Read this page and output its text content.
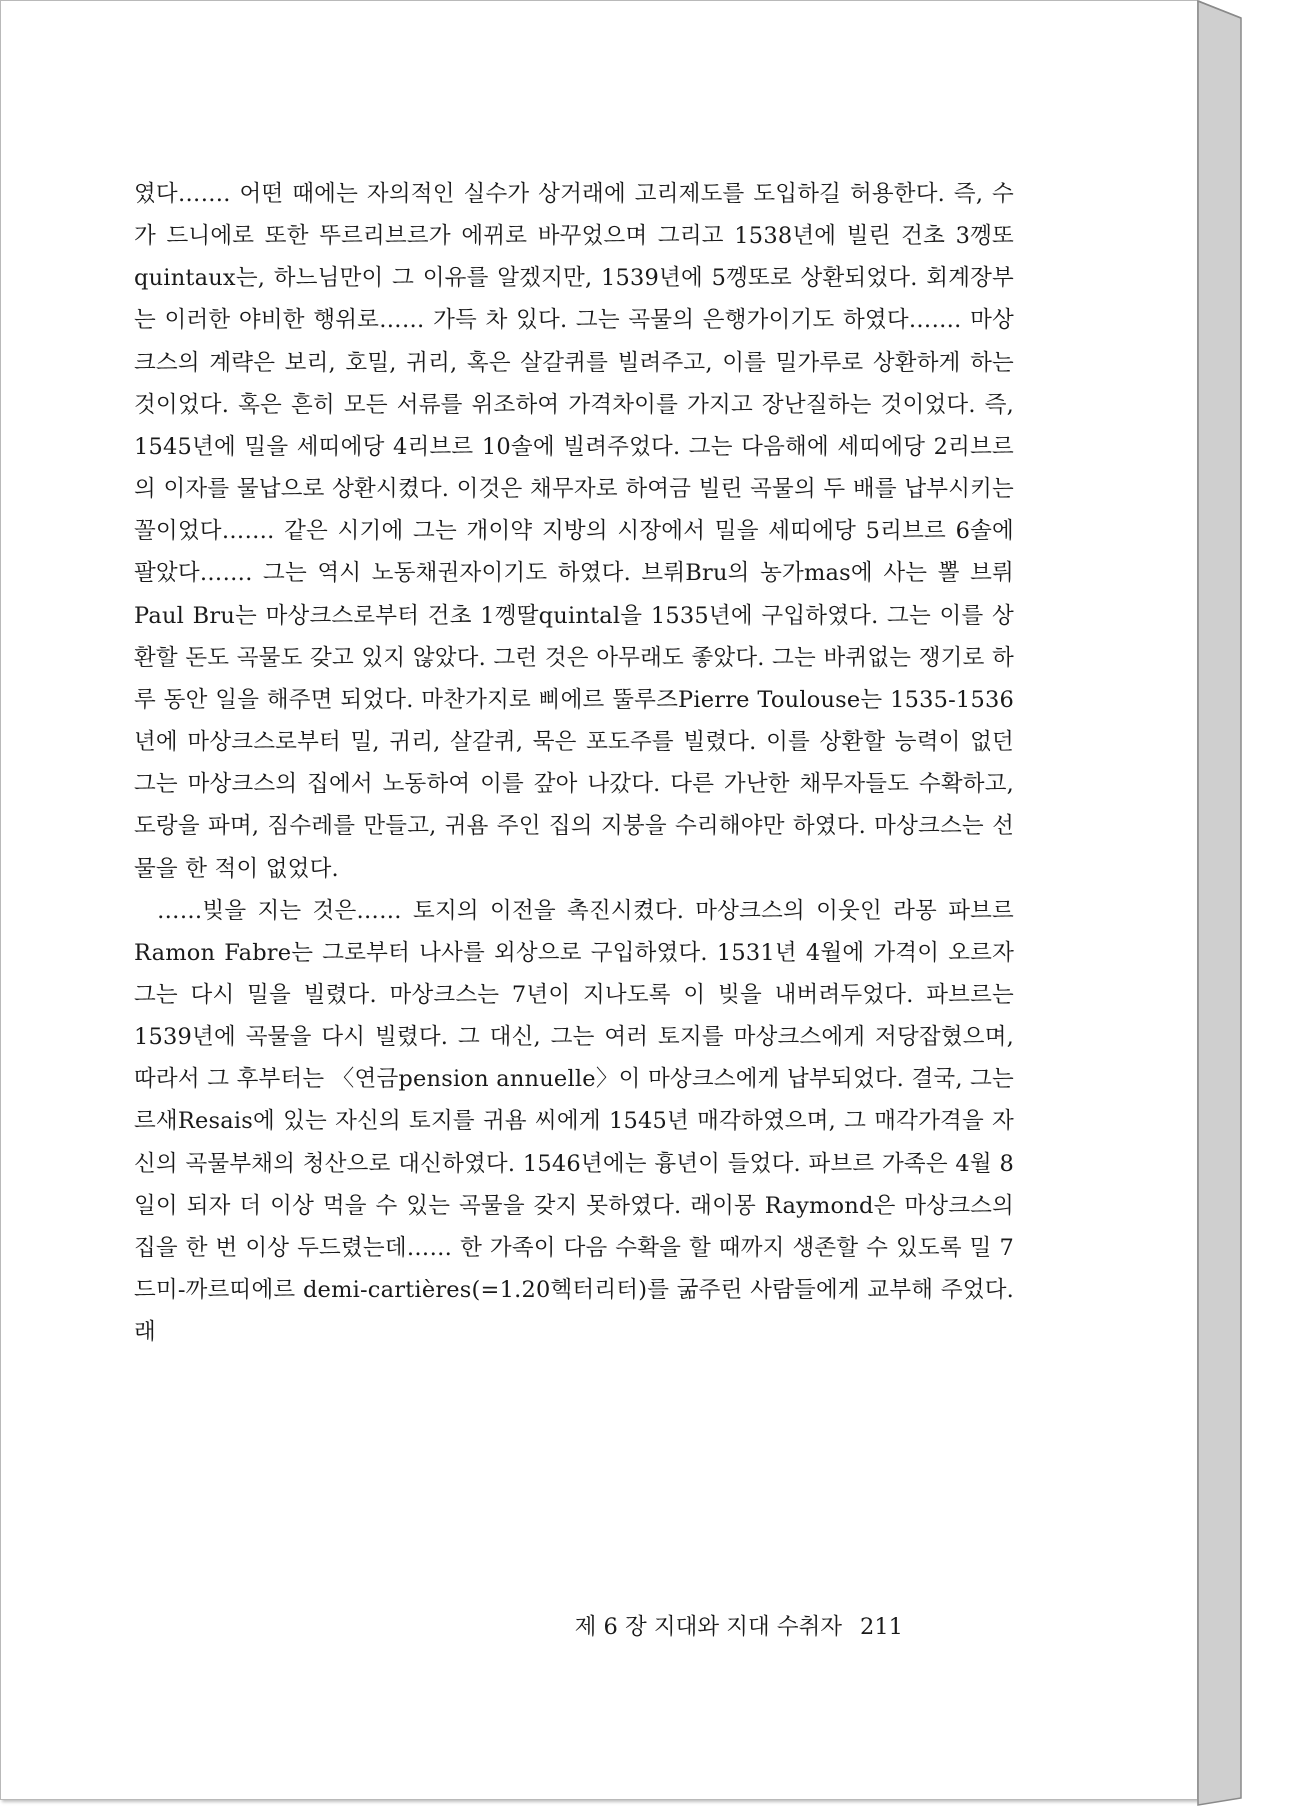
였다……. 어떤 때에는 자의적인 실수가 상거래에 고리제도를 도입하길 허용한다. 즉, 수가 드니에로 또한 뚜르리브르가 에뀌로 바꾸었으며 그리고 1538년에 빌린 건초 3껭또quintaux는, 하느님만이 그 이유를 알겠지만, 1539년에 5껭또로 상환되었다. 회계장부는 이러한 야비한 행위로…… 가득 차 있다. 그는 곡물의 은행가이기도 하였다……. 마상크스의 계략은 보리, 호밀, 귀리, 혹은 살갈퀴를 빌려주고, 이를 밀가루로 상환하게 하는 것이었다. 혹은 흔히 모든 서류를 위조하여 가격차이를 가지고 장난질하는 것이었다. 즉, 1545년에 밀을 세띠에당 4리브르 10솔에 빌려주었다. 그는 다음해에 세띠에당 2리브르의 이자를 물납으로 상환시켰다. 이것은 채무자로 하여금 빌린 곡물의 두 배를 납부시키는 꼴이었다……. 같은 시기에 그는 개이약 지방의 시장에서 밀을 세띠에당 5리브르 6솔에 팔았다……. 그는 역시 노동채권자이기도 하였다. 브뤼Bru의 농가mas에 사는 뽈 브뤼Paul Bru는 마상크스로부터 건초 1껭딸quintal을 1535년에 구입하였다. 그는 이를 상환할 돈도 곡물도 갖고 있지 않았다. 그런 것은 아무래도 좋았다. 그는 바퀴없는 쟁기로 하루 동안 일을 해주면 되었다. 마찬가지로 삐에르 뚤루즈Pierre Toulouse는 1535-1536년에 마상크스로부터 밀, 귀리, 살갈퀴, 묵은 포도주를 빌렸다. 이를 상환할 능력이 없던 그는 마상크스의 집에서 노동하여 이를 갚아 나갔다. 다른 가난한 채무자들도 수확하고, 도랑을 파며, 짐수레를 만들고, 귀욤 주인 집의 지붕을 수리해야만 하였다. 마상크스는 선물을 한 적이 없었다.

……빚을 지는 것은…… 토지의 이전을 촉진시켰다. 마상크스의 이웃인 라몽 파브르Ramon Fabre는 그로부터 나사를 외상으로 구입하였다. 1531년 4월에 가격이 오르자 그는 다시 밀을 빌렸다. 마상크스는 7년이 지나도록 이 빚을 내버려두었다. 파브르는 1539년에 곡물을 다시 빌렸다. 그 대신, 그는 여러 토지를 마상크스에게 저당잡혔으며, 따라서 그 후부터는 〈연금pension annuelle〉이 마상크스에게 납부되었다. 결국, 그는 르새Resais에 있는 자신의 토지를 귀욤 씨에게 1545년 매각하였으며, 그 매각가격을 자신의 곡물부채의 청산으로 대신하였다. 1546년에는 흉년이 들었다. 파브르 가족은 4월 8일이 되자 더 이상 먹을 수 있는 곡물을 갖지 못하였다. 래이몽 Raymond은 마상크스의 집을 한 번 이상 두드렸는데…… 한 가족이 다음 수확을 할 때까지 생존할 수 있도록 밀 7드미-까르띠에르 demi-cartières(=1.20헥터리터)를 굶주린 사람들에게 교부해 주었다. 래

제 6 장 지대와 지대 수취자 211
